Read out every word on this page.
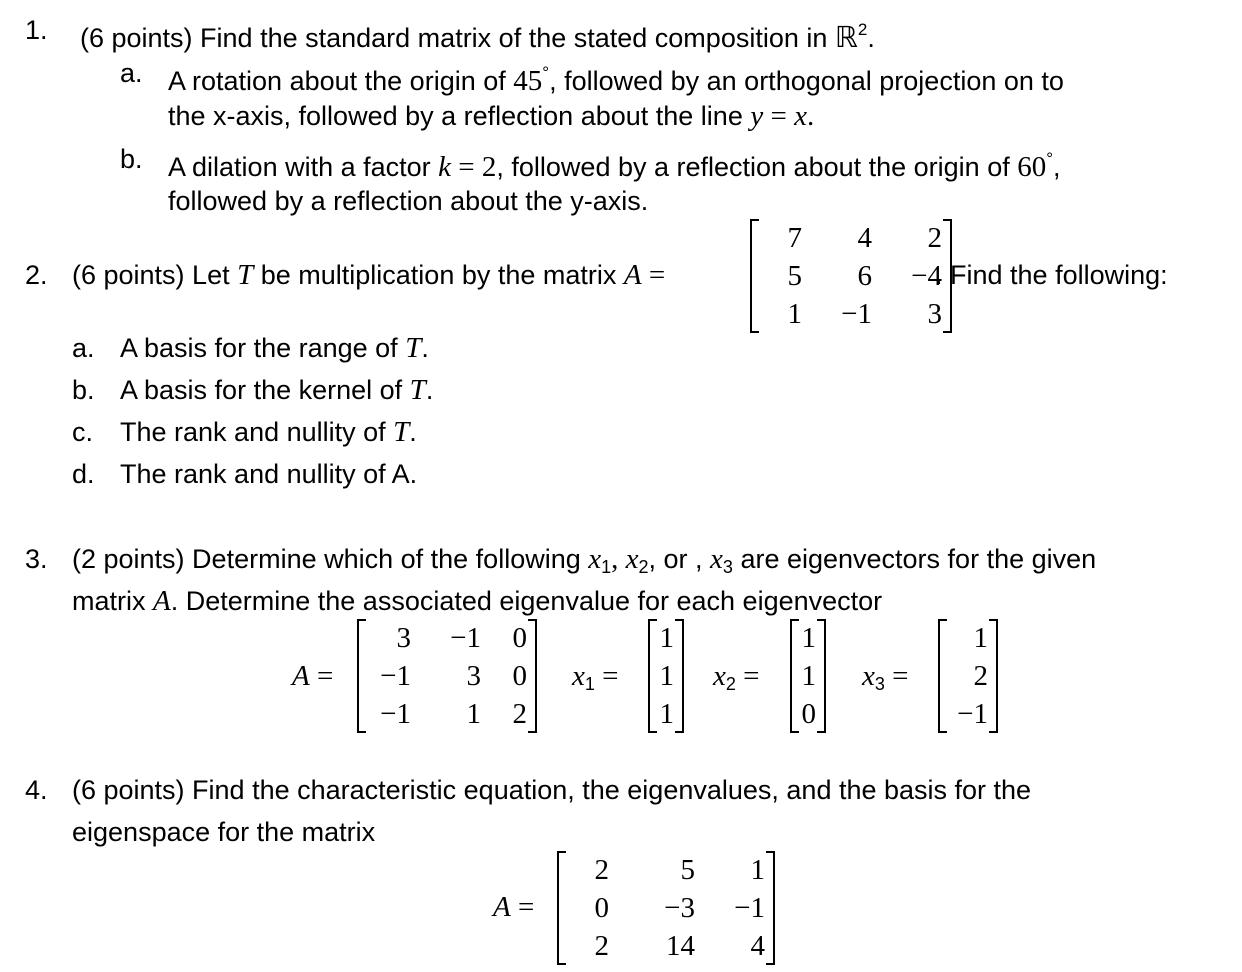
1. (6 points) Find the standard matrix of the stated composition in ℝ$^2$.
a. A rotation about the origin of 45°, followed by an orthogonal projection on to
the x-axis, followed by a reflection about the line y = x.
b. A dilation with a factor k = 2, followed by a reflection about the origin of 60°,
followed by a reflection about the y-axis.
2. (6 points) Let T be multiplication by the matrix A =
7	4	2
5	6	−4
1	−1	3
. Find the following:
a. A basis for the range of T.
b. A basis for the kernel of T.
c. The rank and nullity of T.
d. The rank and nullity of A.
3. (2 points) Determine which of the following $x_1$, $x_2$, or , $x_3$ are eigenvectors for the given
matrix A. Determine the associated eigenvalue for each eigenvector
A =
3	−1	0
−1	3	0
−1	1	2
$x_1$ =
1
1
1
$x_2$ =
1
1
0
$x_3$ =
1
2
−1
4. (6 points) Find the characteristic equation, the eigenvalues, and the basis for the
eigenspace for the matrix
A =
2	5	1
0	−3	−1
2	14	4
